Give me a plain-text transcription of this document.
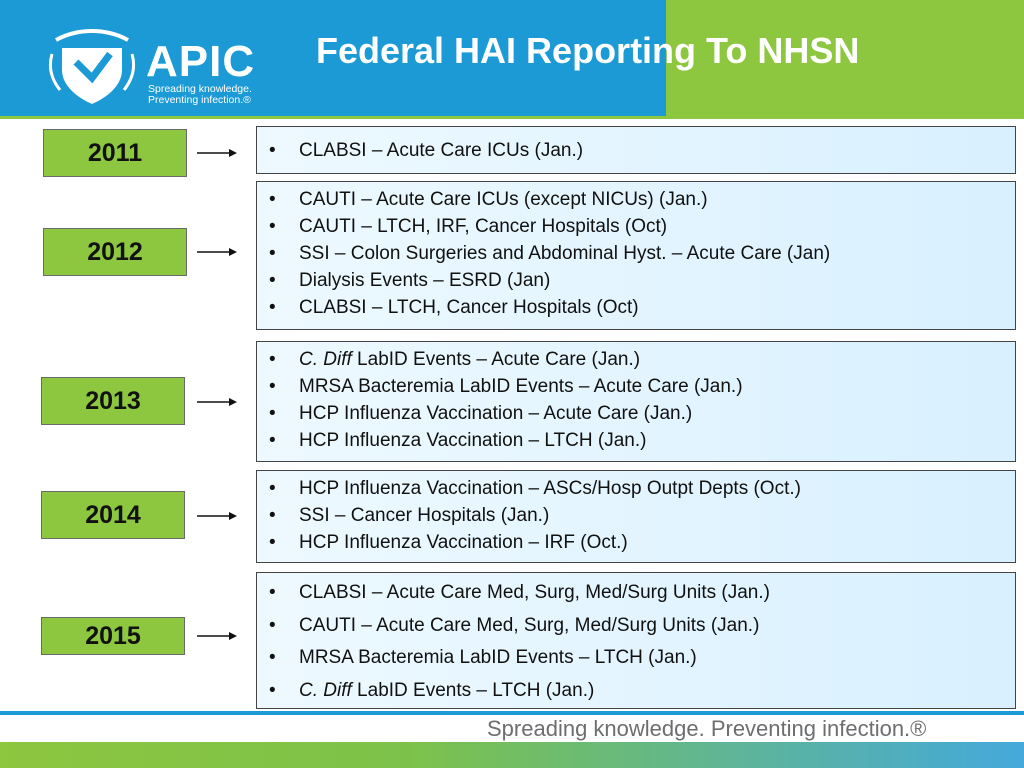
APIC
Spreading knowledge.
Preventing infection.®
Federal HAI Reporting To NHSN
2011
2012
2013
2014
2015
• CLABSI – Acute Care ICUs (Jan.)
• CAUTI – Acute Care ICUs (except NICUs) (Jan.)
• CAUTI – LTCH, IRF, Cancer Hospitals (Oct)
• SSI – Colon Surgeries and Abdominal Hyst. – Acute Care (Jan)
• Dialysis Events – ESRD (Jan)
• CLABSI – LTCH, Cancer Hospitals (Oct)
• C. Diff LabID Events – Acute Care (Jan.)
• MRSA Bacteremia LabID Events – Acute Care (Jan.)
• HCP Influenza Vaccination – Acute Care (Jan.)
• HCP Influenza Vaccination – LTCH (Jan.)
• HCP Influenza Vaccination – ASCs/Hosp Outpt Depts (Oct.)
• SSI – Cancer Hospitals (Jan.)
• HCP Influenza Vaccination – IRF (Oct.)
• CLABSI – Acute Care Med, Surg, Med/Surg Units (Jan.)
• CAUTI – Acute Care Med, Surg, Med/Surg Units (Jan.)
• MRSA Bacteremia LabID Events – LTCH (Jan.)
• C. Diff LabID Events – LTCH (Jan.)
Spreading knowledge. Preventing infection.®
